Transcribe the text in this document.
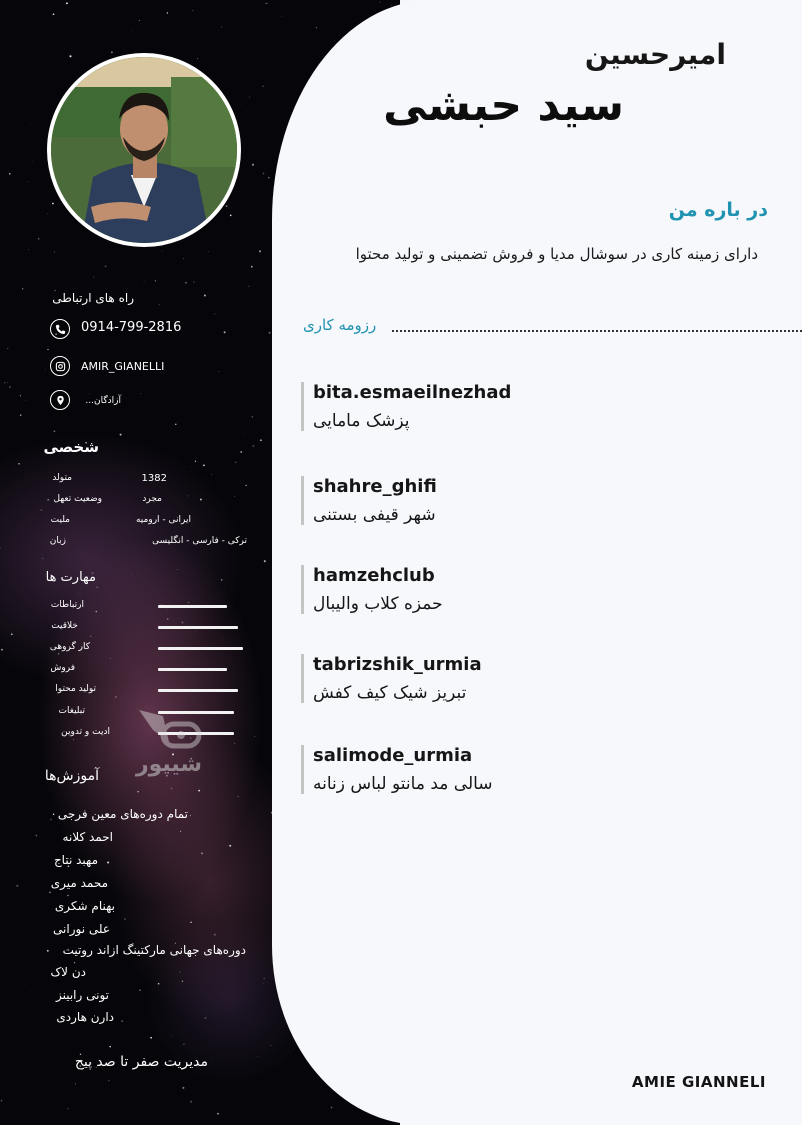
راه های ارتباطی
0914-799-2816
AMIR_GIANELLI
آزادگان...
شخصی
متولد	1382
وضعیت تعهل	مجرد
ملیت	ایرانی - ارومیه
زبان	ترکی - فارسی - انگلیسی
مهارت ها
ارتباطات
خلاقیت
کار گروهی
فروش
تولید محتوا
تبلیغات
ادیت و تدوین
آموزش‌ها
تمام دوره‌های معین فرجی
احمد کلانه
مهبد نتاج
محمد میری
بهنام شکری
علی نورانی
دوره‌های جهانی مارکتینگ ازاند روتیت
دن لاک
تونی رابینز
دارن هاردی
مدیریت صفر تا صد پیج
شیپور
امیرحسین
سید حبشی
در باره من
دارای زمینه کاری در سوشال مدیا و فروش تضمینی و تولید محتوا
رزومه کاری
bita.esmaeilnezhad
پزشک مامایی
shahre_ghifi
شهر قیفی بستنی
hamzehclub
حمزه کلاب والیبال
tabrizshik_urmia
تبریز شیک کیف کفش
salimode_urmia
سالی مد مانتو لباس زنانه
AMIE GIANNELI
